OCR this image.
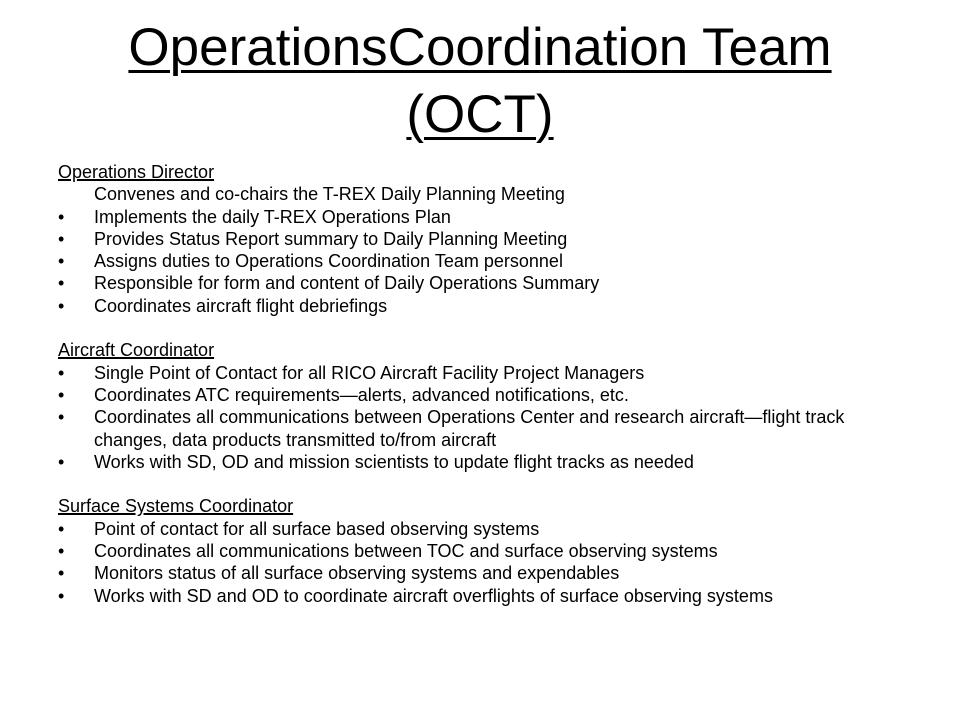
OperationsCoordination Team
(OCT)
Operations Director
Convenes and co-chairs the T-REX Daily Planning Meeting
•	Implements the daily T-REX Operations Plan
•	Provides Status Report summary to Daily Planning Meeting
•	Assigns duties to Operations Coordination Team personnel
•	Responsible for form and content of Daily Operations Summary
•	Coordinates aircraft flight debriefings
Aircraft Coordinator
•	Single Point of Contact for all RICO Aircraft Facility Project Managers
•	Coordinates ATC requirements—alerts, advanced notifications, etc.
•	Coordinates all communications between Operations Center and research aircraft—flight track changes, data products transmitted to/from aircraft
•	Works with SD, OD and mission scientists to update flight tracks as needed
Surface Systems Coordinator
•	Point of contact for all surface based observing systems
•	Coordinates all communications between TOC and surface observing systems
•	Monitors status of all surface observing systems and expendables
•	Works with SD and OD to coordinate aircraft overflights of surface observing systems
